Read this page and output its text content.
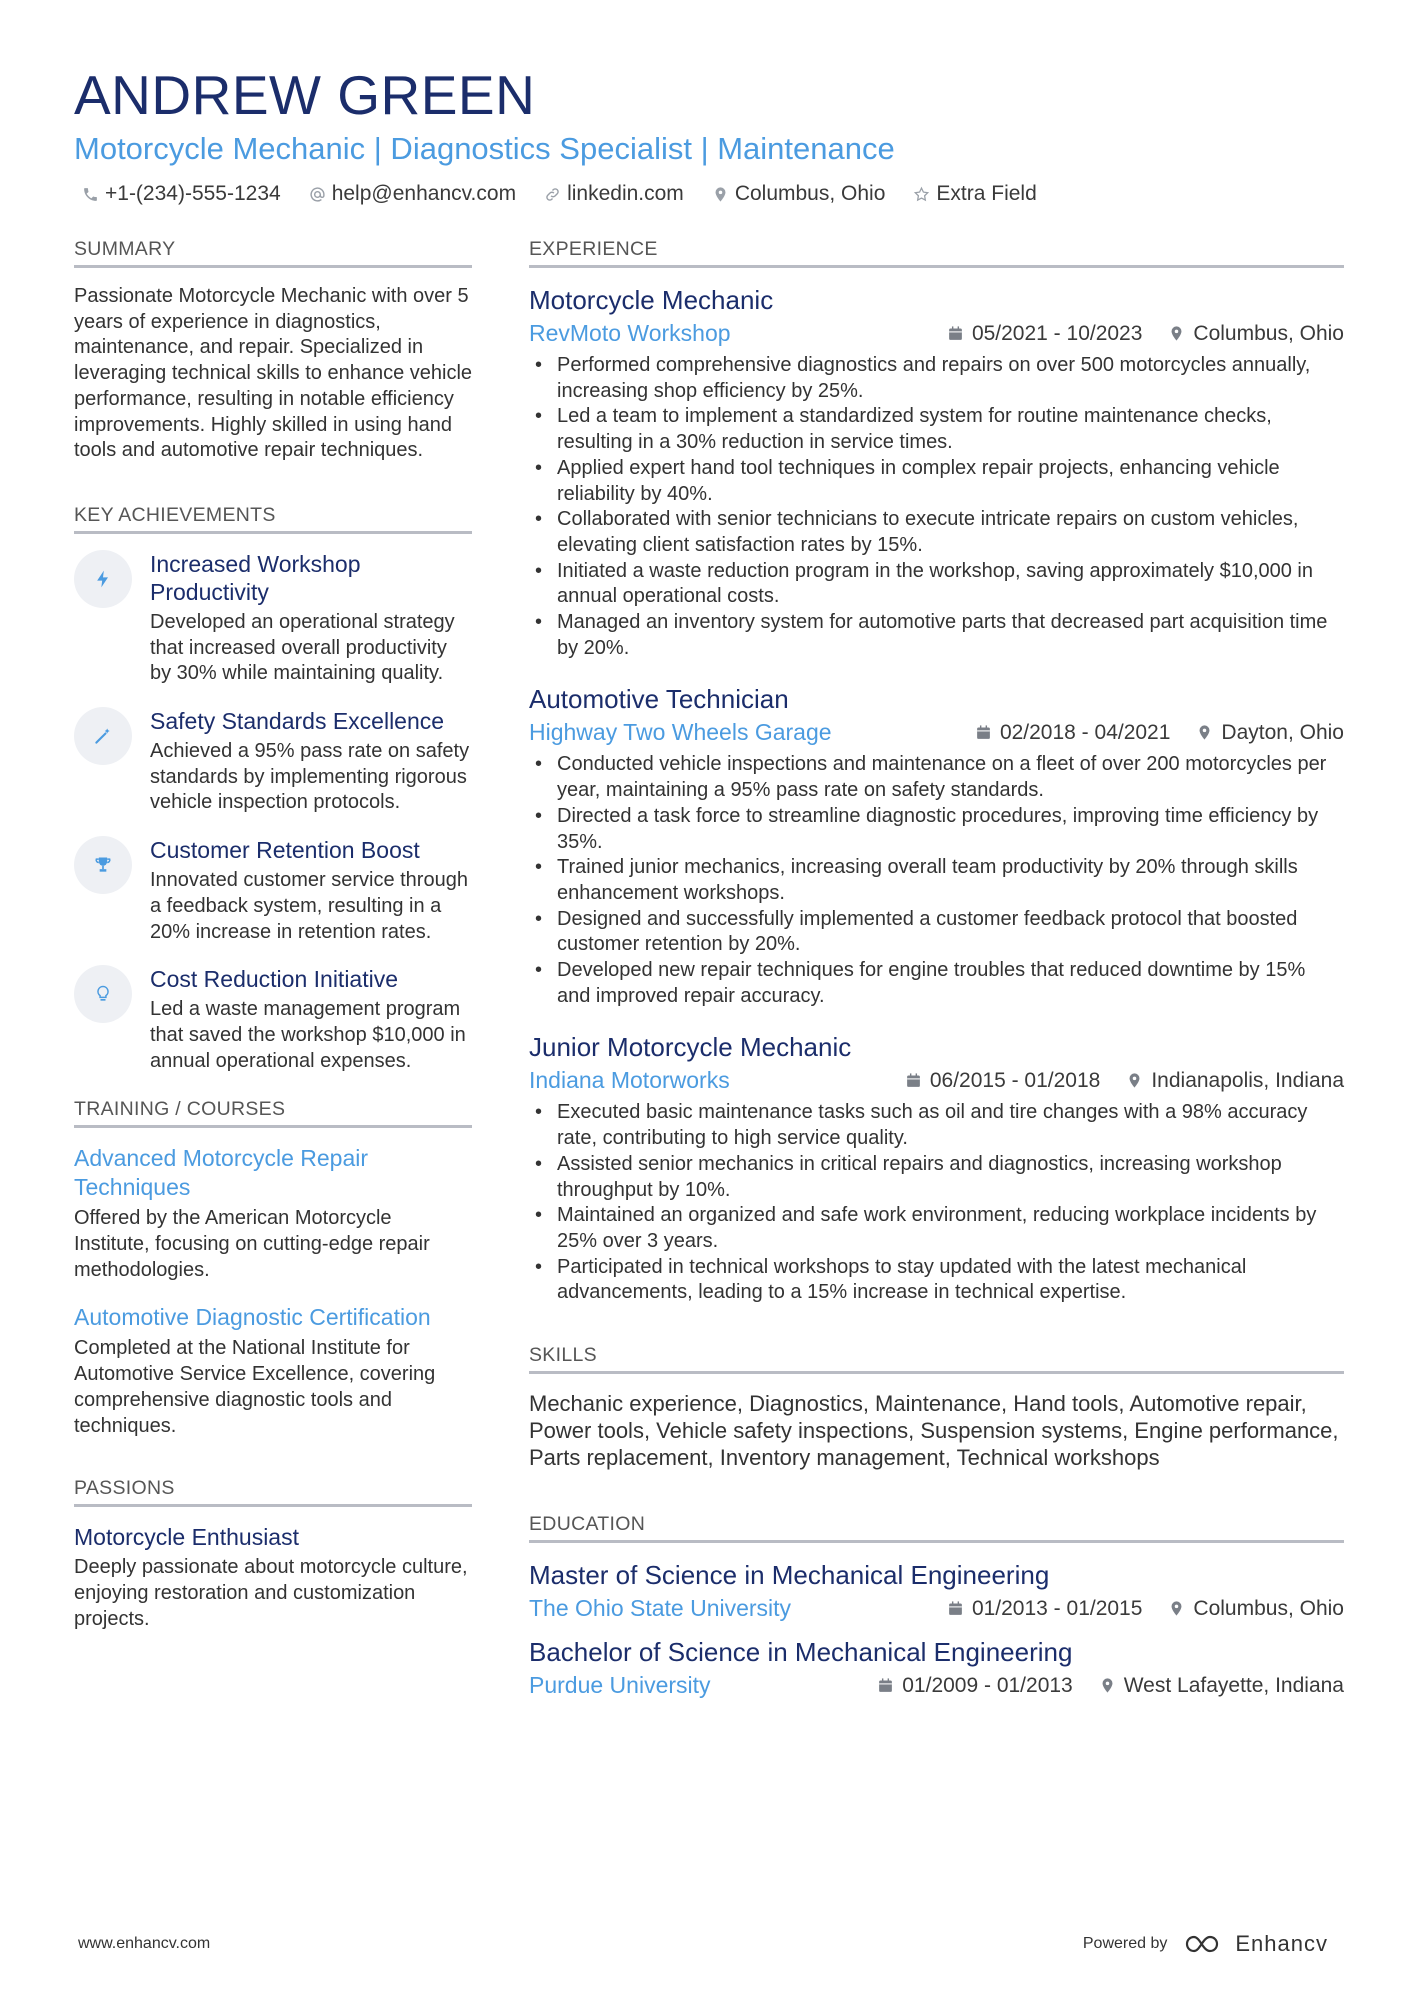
ANDREW GREEN
Motorcycle Mechanic | Diagnostics Specialist | Maintenance
+1-(234)-555-1234 help@enhancv.com linkedin.com Columbus, Ohio Extra Field
SUMMARY
Passionate Motorcycle Mechanic with over 5 years of experience in diagnostics, maintenance, and repair. Specialized in leveraging technical skills to enhance vehicle performance, resulting in notable efficiency improvements. Highly skilled in using hand tools and automotive repair techniques.
KEY ACHIEVEMENTS
Increased Workshop Productivity
Developed an operational strategy that increased overall productivity by 30% while maintaining quality.
Safety Standards Excellence
Achieved a 95% pass rate on safety standards by implementing rigorous vehicle inspection protocols.
Customer Retention Boost
Innovated customer service through a feedback system, resulting in a 20% increase in retention rates.
Cost Reduction Initiative
Led a waste management program that saved the workshop $10,000 in annual operational expenses.
TRAINING / COURSES
Advanced Motorcycle Repair Techniques
Offered by the American Motorcycle Institute, focusing on cutting-edge repair methodologies.
Automotive Diagnostic Certification
Completed at the National Institute for Automotive Service Excellence, covering comprehensive diagnostic tools and techniques.
PASSIONS
Motorcycle Enthusiast
Deeply passionate about motorcycle culture, enjoying restoration and customization projects.
EXPERIENCE
Motorcycle Mechanic
RevMoto Workshop	05/2021 - 10/2023 Columbus, Ohio
• Performed comprehensive diagnostics and repairs on over 500 motorcycles annually, increasing shop efficiency by 25%.
• Led a team to implement a standardized system for routine maintenance checks, resulting in a 30% reduction in service times.
• Applied expert hand tool techniques in complex repair projects, enhancing vehicle reliability by 40%.
• Collaborated with senior technicians to execute intricate repairs on custom vehicles, elevating client satisfaction rates by 15%.
• Initiated a waste reduction program in the workshop, saving approximately $10,000 in annual operational costs.
• Managed an inventory system for automotive parts that decreased part acquisition time by 20%.
Automotive Technician
Highway Two Wheels Garage	02/2018 - 04/2021 Dayton, Ohio
• Conducted vehicle inspections and maintenance on a fleet of over 200 motorcycles per year, maintaining a 95% pass rate on safety standards.
• Directed a task force to streamline diagnostic procedures, improving time efficiency by 35%.
• Trained junior mechanics, increasing overall team productivity by 20% through skills enhancement workshops.
• Designed and successfully implemented a customer feedback protocol that boosted customer retention by 20%.
• Developed new repair techniques for engine troubles that reduced downtime by 15% and improved repair accuracy.
Junior Motorcycle Mechanic
Indiana Motorworks	06/2015 - 01/2018 Indianapolis, Indiana
• Executed basic maintenance tasks such as oil and tire changes with a 98% accuracy rate, contributing to high service quality.
• Assisted senior mechanics in critical repairs and diagnostics, increasing workshop throughput by 10%.
• Maintained an organized and safe work environment, reducing workplace incidents by 25% over 3 years.
• Participated in technical workshops to stay updated with the latest mechanical advancements, leading to a 15% increase in technical expertise.
SKILLS
Mechanic experience, Diagnostics, Maintenance, Hand tools, Automotive repair, Power tools, Vehicle safety inspections, Suspension systems, Engine performance, Parts replacement, Inventory management, Technical workshops
EDUCATION
Master of Science in Mechanical Engineering
The Ohio State University	01/2013 - 01/2015 Columbus, Ohio
Bachelor of Science in Mechanical Engineering
Purdue University	01/2009 - 01/2013 West Lafayette, Indiana
www.enhancv.com	Powered by	Enhancv
